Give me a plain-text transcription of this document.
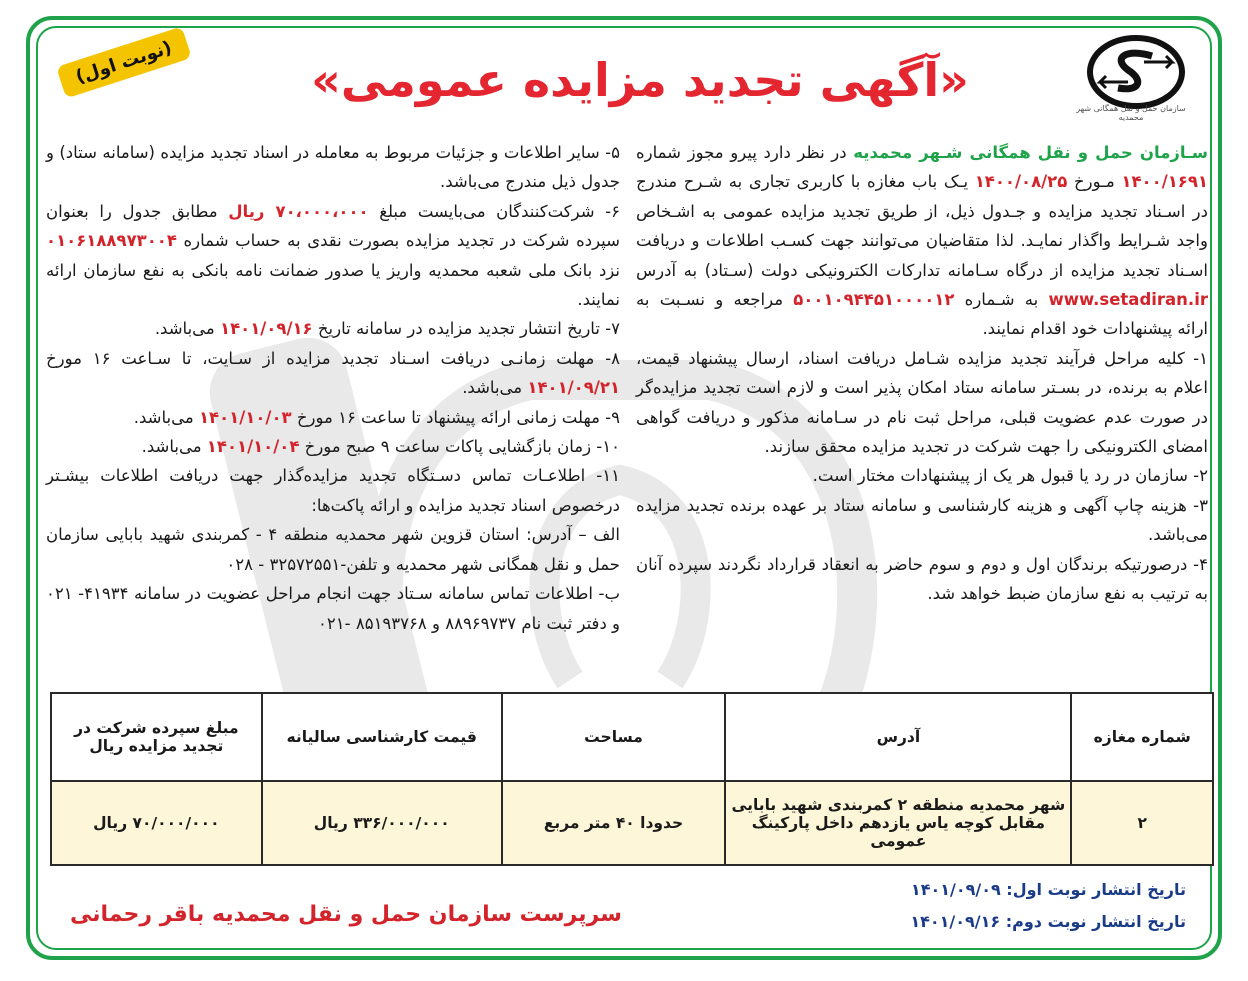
سازمان حمل و نقل همگانی شهر محمدیه
«آگهی تجدید مزایده عمومی»
(نوبت اول)

سـازمان حمل و نقل همگانی شـهر محمدیه در نظر دارد پیرو مجوز شماره ۱۴۰۰/۱۶۹۱ مـورخ ۱۴۰۰/۰۸/۲۵ یـک باب مغازه با کاربری تجاری به شـرح مندرج در اسـناد تجدید مزایده و جـدول ذیل، از طریق تجدید مزایده عمومی به اشـخاص واجد شـرایط واگذار نمایـد. لذا متقاضیان می‌توانند جهت کسـب اطلاعات و دریافت اسـناد تجدید مزایده از درگاه سـامانه تدارکات الکترونیکی دولت (سـتاد) به آدرس www.setadiran.ir به شـماره ۵۰۰۱۰۹۴۴۵۱۰۰۰۰۱۲ مراجعه و نسـبت به ارائه پیشنهادات خود اقدام نمایند.

۱- کلیه مراحل فرآیند تجدید مزایده شـامل دریافت اسناد، ارسال پیشنهاد قیمت، اعلام به برنده، در بسـتر سامانه ستاد امکان پذیر است و لازم است تجدید مزایده‌گر در صورت عدم عضویت قبلی، مراحل ثبت نام در سـامانه مذکور و دریافت گواهی امضای الکترونیکی را جهت شرکت در تجدید مزایده محقق سازند.

۲- سازمان در رد یا قبول هر یک از پیشنهادات مختار است.

۳- هزینه چاپ آگهی و هزینه کارشناسی و سامانه ستاد بر عهده برنده تجدید مزایده می‌باشد.

۴- درصورتیکه برندگان اول و دوم و سوم حاضر به انعقاد قرارداد نگردند سپرده آنان به ترتیب به نفع سازمان ضبط خواهد شد.

۵- سایر اطلاعات و جزئیات مربوط به معامله در اسناد تجدید مزایده (سامانه ستاد) و جدول ذیل مندرج می‌باشد.

۶- شرکت‌کنندگان می‌بایست مبلغ ۷۰،۰۰۰،۰۰۰ ریال مطابق جدول را بعنوان سپرده شرکت در تجدید مزایده بصورت نقدی به حساب شماره ۰۱۰۶۱۸۸۹۷۳۰۰۴ نزد بانک ملی شعبه محمدیه واریز یا صدور ضمانت نامه بانکی به نفع سازمان ارائه نمایند.

۷- تاریخ انتشار تجدید مزایده در سامانه تاریخ ۱۴۰۱/۰۹/۱۶ می‌باشد.

۸- مهلت زمانـی دریافت اسـناد تجدید مزایده از سـایت، تا سـاعت ۱۶ مورخ ۱۴۰۱/۰۹/۲۱ می‌باشد.

۹- مهلت زمانی ارائه پیشنهاد تا ساعت ۱۶ مورخ ۱۴۰۱/۱۰/۰۳ می‌باشد.

۱۰- زمان بازگشایی پاکات ساعت ۹ صبح مورخ ۱۴۰۱/۱۰/۰۴ می‌باشد.

۱۱- اطلاعـات تماس دسـتگاه تجدید مزایده‌گذار جهت دریافت اطلاعات بیشـتر درخصوص اسناد تجدید مزایده و ارائه پاکت‌ها:

الف – آدرس: استان قزوین شهر محمدیه منطقه ۴ - کمربندی شهید بابایی سازمان حمل و نقل همگانی شهر محمدیه و تلفن-۳۲۵۷۲۵۵۱ - ۰۲۸

ب- اطلاعات تماس سامانه سـتاد جهت انجام مراحل عضویت در سامانه ۴۱۹۳۴- ۰۲۱ و دفتر ثبت نام ۸۸۹۶۹۷۳۷ و ۸۵۱۹۳۷۶۸ -۰۲۱

شماره مغازه	آدرس	مساحت	قیمت کارشناسی سالیانه	مبلغ سپرده شرکت در تجدید مزایده ریال
۲	شهر محمدیه منطقه ۲ کمربندی شهید بابایی مقابل کوچه یاس یازدهم داخل پارکینگ عمومی	حدودا ۴۰ متر مربع	۳۳۶/۰۰۰/۰۰۰ ریال	۷۰/۰۰۰/۰۰۰ ریال
تاریخ انتشار نوبت اول: ۱۴۰۱/۰۹/۰۹
تاریخ انتشار نوبت دوم: ۱۴۰۱/۰۹/۱۶
سرپرست سازمان حمل و نقل محمدیه باقر رحمانی
